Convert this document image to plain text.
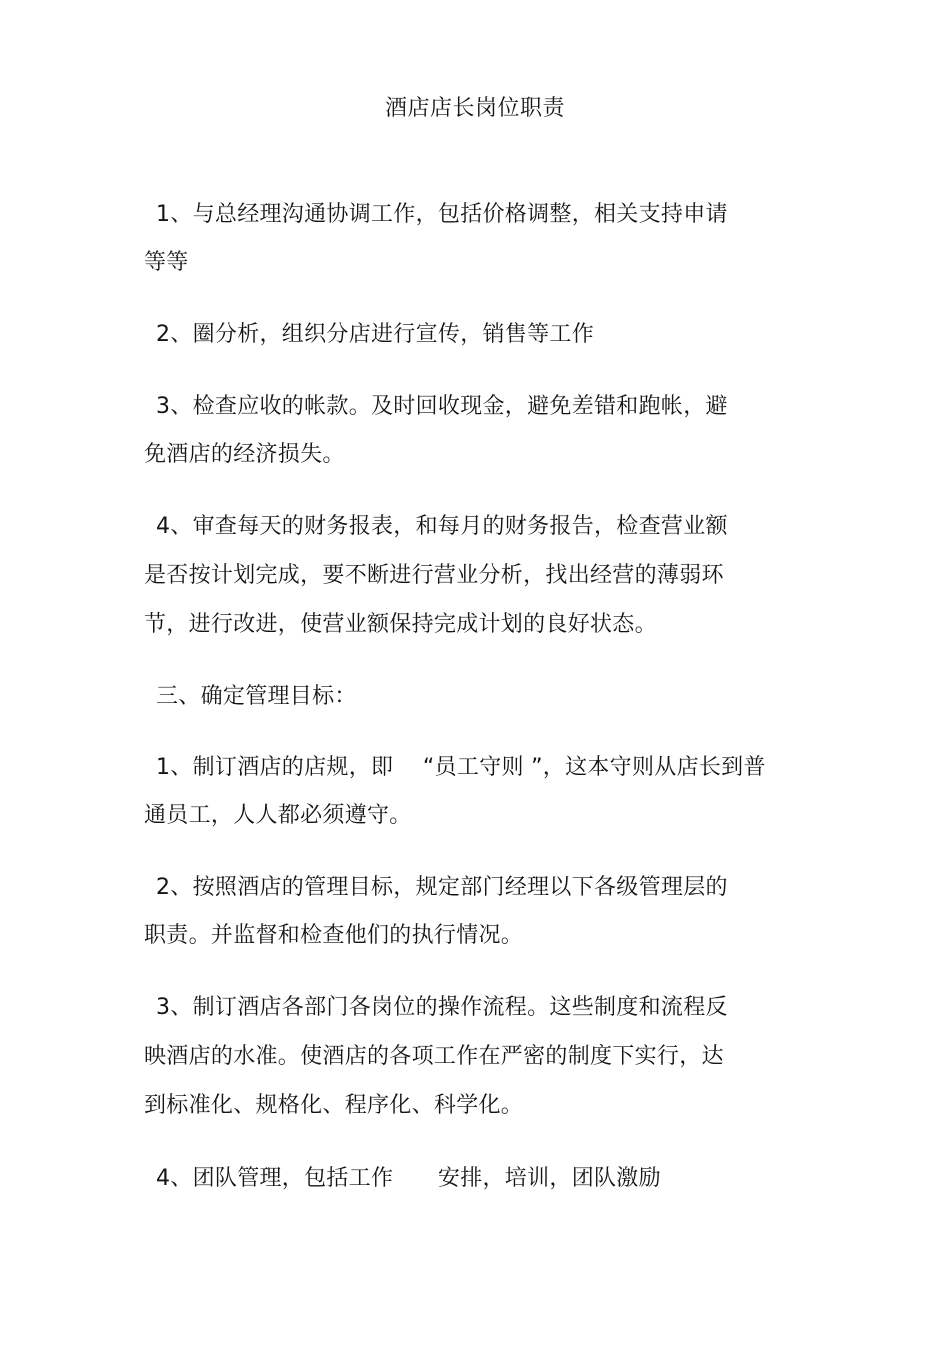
酒店店长岗位职责
1、与总经理沟通协调工作，包括价格调整，相关支持申请
等等
2、圈分析，组织分店进行宣传，销售等工作
3、检查应收的帐款。及时回收现金，避免差错和跑帐，避
免酒店的经济损失。
4、审查每天的财务报表，和每月的财务报告，检查营业额
是否按计划完成，要不断进行营业分析，找出经营的薄弱环
节，进行改进，使营业额保持完成计划的良好状态。
三、确定管理目标：
1、制订酒店的店规，即　 “员工守则 ”，这本守则从店长到普
通员工，人人都必须遵守。
2、按照酒店的管理目标，规定部门经理以下各级管理层的
职责。并监督和检查他们的执行情况。
3、制订酒店各部门各岗位的操作流程。这些制度和流程反
映酒店的水准。使酒店的各项工作在严密的制度下实行，达
到标准化、规格化、程序化、科学化。
4、团队管理，包括工作　　安排，培训，团队激励
